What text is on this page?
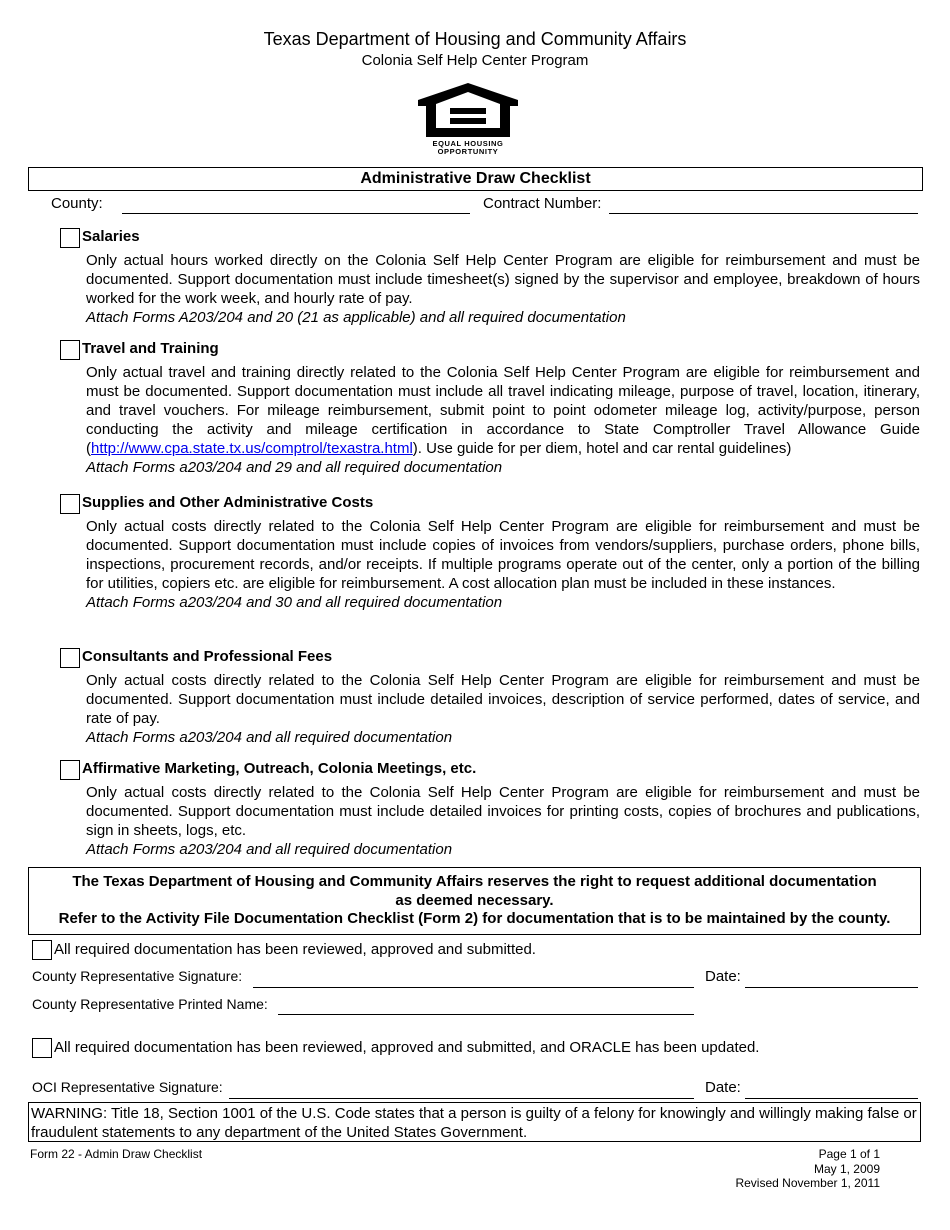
Texas Department of Housing and Community Affairs
Colonia Self Help Center Program
EQUAL HOUSING
OPPORTUNITY
Administrative Draw Checklist
County:	Contract Number:
Salaries

Only actual hours worked directly on the Colonia Self Help Center Program are eligible for reimbursement and must be documented. Support documentation must include timesheet(s) signed by the supervisor and employee, breakdown of hours worked for the work week, and hourly rate of pay.

Attach Forms A203/204 and 20 (21 as applicable) and all required documentation

Travel and Training

Only actual travel and training directly related to the Colonia Self Help Center Program are eligible for reimbursement and must be documented. Support documentation must include all travel indicating mileage, purpose of travel, location, itinerary, and travel vouchers. For mileage reimbursement, submit point to point odometer mileage log, activity/purpose, person conducting the activity and mileage certification in accordance to State Comptroller Travel Allowance Guide (http://www.cpa.state.tx.us/comptrol/texastra.html). Use guide for per diem, hotel and car rental guidelines)

Attach Forms a203/204 and 29 and all required documentation

Supplies and Other Administrative Costs

Only actual costs directly related to the Colonia Self Help Center Program are eligible for reimbursement and must be documented. Support documentation must include copies of invoices from vendors/suppliers, purchase orders, phone bills, inspections, procurement records, and/or receipts. If multiple programs operate out of the center, only a portion of the billing for utilities, copiers etc. are eligible for reimbursement. A cost allocation plan must be included in these instances.

Attach Forms a203/204 and 30 and all required documentation

Consultants and Professional Fees

Only actual costs directly related to the Colonia Self Help Center Program are eligible for reimbursement and must be documented. Support documentation must include detailed invoices, description of service performed, dates of service, and rate of pay.

Attach Forms a203/204 and all required documentation

Affirmative Marketing, Outreach, Colonia Meetings, etc.

Only actual costs directly related to the Colonia Self Help Center Program are eligible for reimbursement and must be documented. Support documentation must include detailed invoices for printing costs, copies of brochures and publications, sign in sheets, logs, etc.

Attach Forms a203/204 and all required documentation

The Texas Department of Housing and Community Affairs reserves the right to request additional documentation as deemed necessary.
Refer to the Activity File Documentation Checklist (Form 2) for documentation that is to be maintained by the county.
All required documentation has been reviewed, approved and submitted.
County Representative Signature:	Date:
County Representative Printed Name:
All required documentation has been reviewed, approved and submitted, and ORACLE has been updated.
OCI Representative Signature:	Date:
WARNING: Title 18, Section 1001 of the U.S. Code states that a person is guilty of a felony for knowingly and willingly making false or fraudulent statements to any department of the United States Government.
Form 22 - Admin Draw Checklist	Page 1 of 1
May 1, 2009
Revised November 1, 2011
